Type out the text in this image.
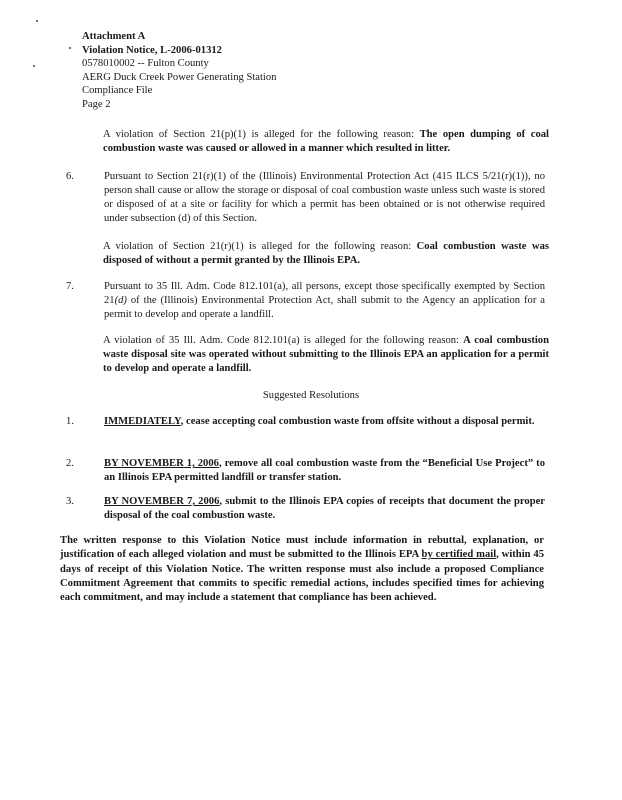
Attachment A
Violation Notice, L-2006-01312
0578010002 -- Fulton County
AERG Duck Creek Power Generating Station
Compliance File
Page 2
A violation of Section 21(p)(1) is alleged for the following reason: The open dumping of coal combustion waste was caused or allowed in a manner which resulted in litter.
6.	Pursuant to Section 21(r)(1) of the (Illinois) Environmental Protection Act (415 ILCS 5/21(r)(1)), no person shall cause or allow the storage or disposal of coal combustion waste unless such waste is stored or disposed of at a site or facility for which a permit has been obtained or is not otherwise required under subsection (d) of this Section.
A violation of Section 21(r)(1) is alleged for the following reason: Coal combustion waste was disposed of without a permit granted by the Illinois EPA.
7.	Pursuant to 35 Ill. Adm. Code 812.101(a), all persons, except those specifically exempted by Section 21(d) of the (Illinois) Environmental Protection Act, shall submit to the Agency an application for a permit to develop and operate a landfill.
A violation of 35 Ill. Adm. Code 812.101(a) is alleged for the following reason: A coal combustion waste disposal site was operated without submitting to the Illinois EPA an application for a permit to develop and operate a landfill.
Suggested Resolutions
1.	IMMEDIATELY, cease accepting coal combustion waste from offsite without a disposal permit.
2.	BY NOVEMBER 1, 2006, remove all coal combustion waste from the “Beneficial Use Project” to an Illinois EPA permitted landfill or transfer station.
3.	BY NOVEMBER 7, 2006, submit to the Illinois EPA copies of receipts that document the proper disposal of the coal combustion waste.
The written response to this Violation Notice must include information in rebuttal, explanation, or justification of each alleged violation and must be submitted to the Illinois EPA by certified mail, within 45 days of receipt of this Violation Notice. The written response must also include a proposed Compliance Commitment Agreement that commits to specific remedial actions, includes specified times for achieving each commitment, and may include a statement that compliance has been achieved.
